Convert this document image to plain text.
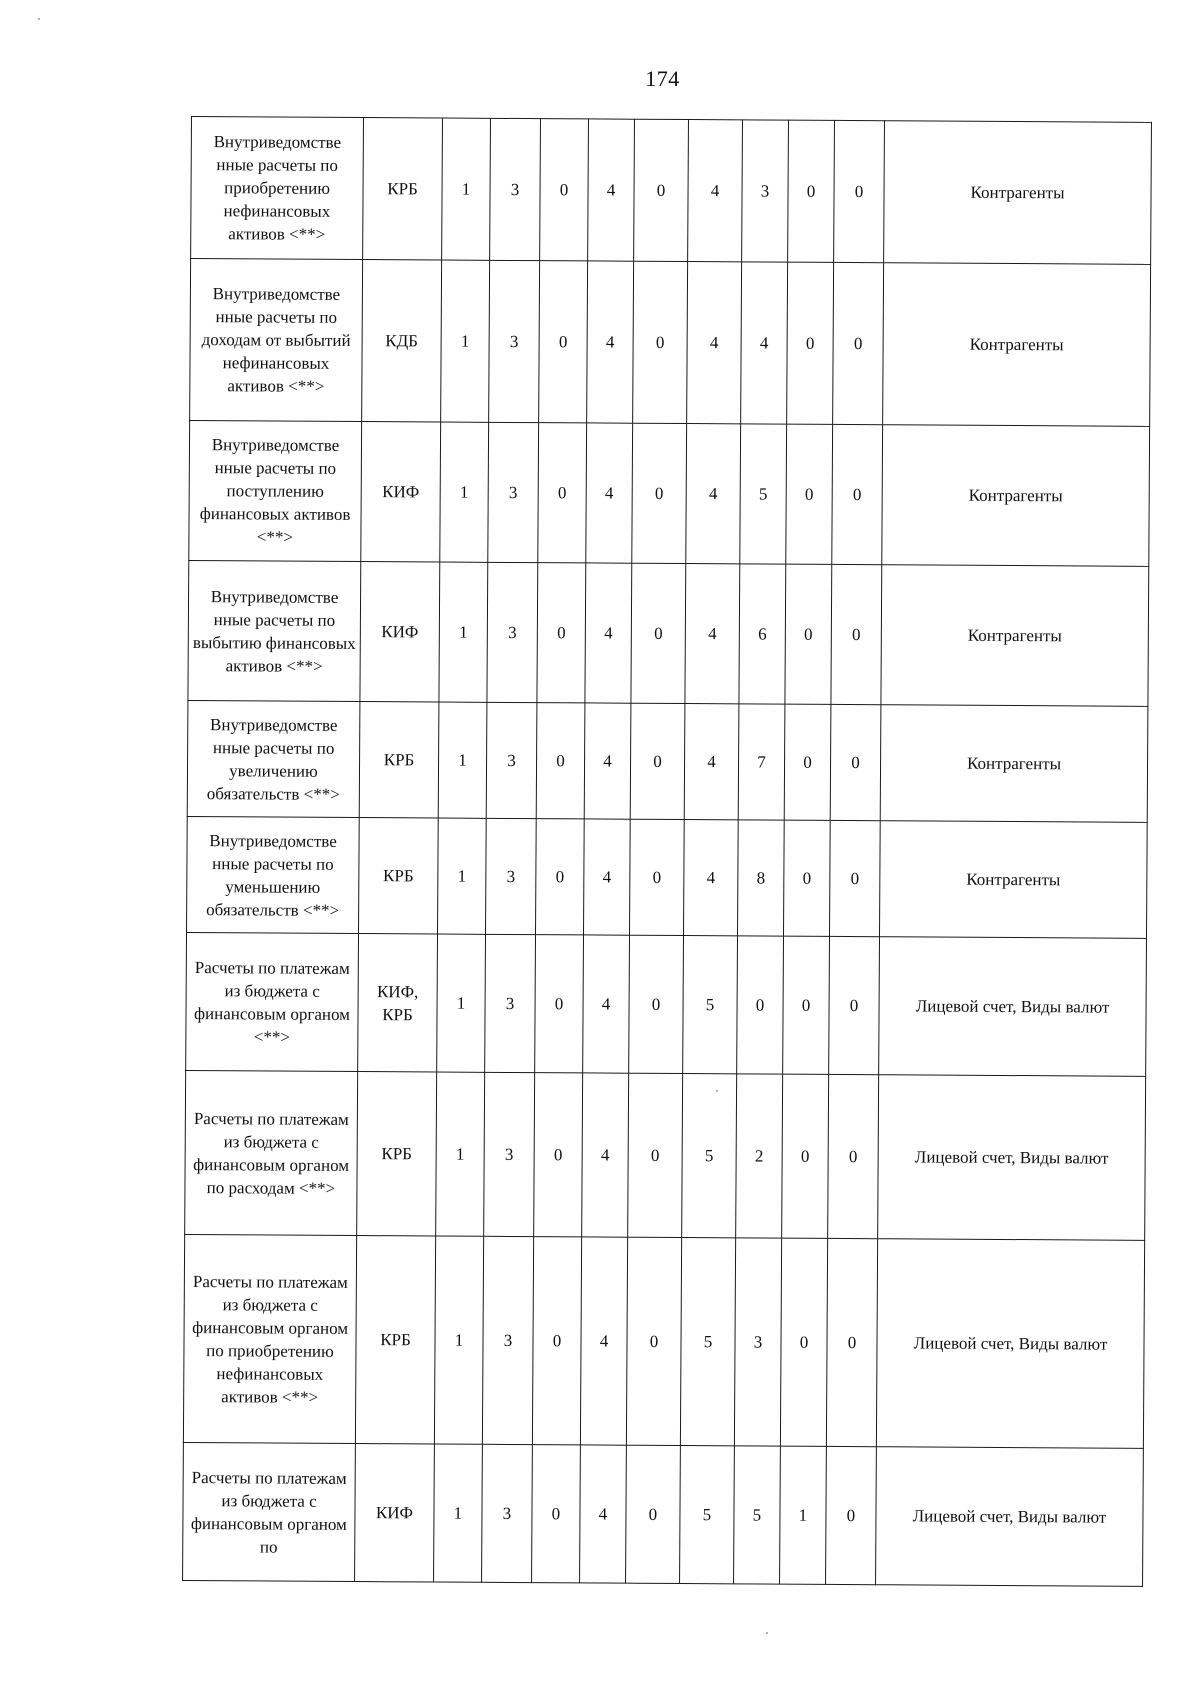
174
Внутриведомстве нные расчеты по приобретению нефинансовых активов <**>	КРБ	1	3	0	4	0	4	3	0	0	Контрагенты
Внутриведомстве нные расчеты по доходам от выбытий нефинансовых активов <**>	КДБ	1	3	0	4	0	4	4	0	0	Контрагенты
Внутриведомстве нные расчеты по поступлению финансовых активов <**>	КИФ	1	3	0	4	0	4	5	0	0	Контрагенты
Внутриведомстве нные расчеты по выбытию финансовых активов <**>	КИФ	1	3	0	4	0	4	6	0	0	Контрагенты
Внутриведомстве нные расчеты по увеличению обязательств <**>	КРБ	1	3	0	4	0	4	7	0	0	Контрагенты
Внутриведомстве нные расчеты по уменьшению обязательств <**>	КРБ	1	3	0	4	0	4	8	0	0	Контрагенты
Расчеты по платежам из бюджета с финансовым органом <**>	КИФ, КРБ	1	3	0	4	0	5	0	0	0	Лицевой счет, Виды валют
Расчеты по платежам из бюджета с финансовым органом по расходам <**>	КРБ	1	3	0	4	0	5	2	0	0	Лицевой счет, Виды валют
Расчеты по платежам из бюджета с финансовым органом по приобретению нефинансовых активов <**>	КРБ	1	3	0	4	0	5	3	0	0	Лицевой счет, Виды валют
Расчеты по платежам из бюджета с финансовым органом по	КИФ	1	3	0	4	0	5	5	1	0	Лицевой счет, Виды валют
